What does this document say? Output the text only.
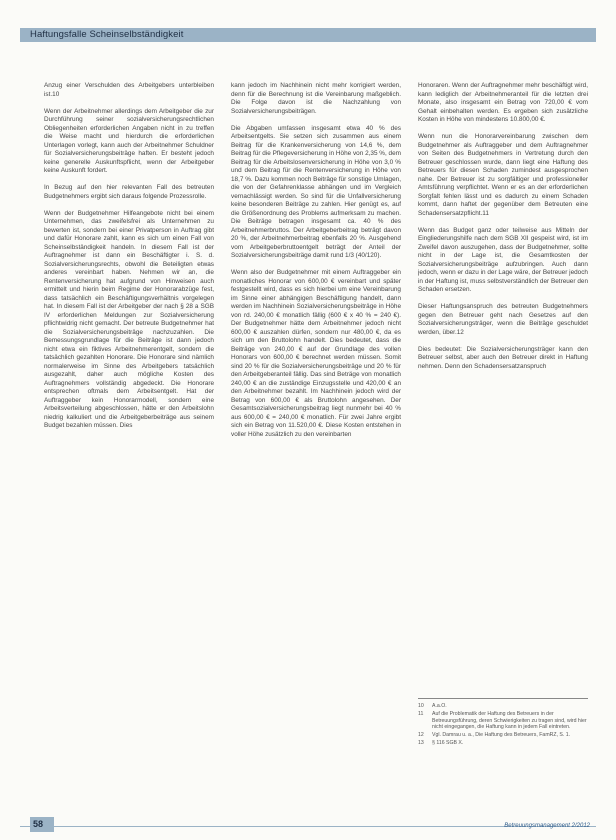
Haftungsfalle Scheinselbständigkeit

Anzug einer Verschulden des Arbeitgebers unterbleiben ist.10

Wenn der Arbeitnehmer allerdings dem Arbeitgeber die zur Durchführung seiner sozialversicherungsrechtlichen Obliegenheiten erforderlichen Angaben nicht in zu treffen die Weise macht und hierdurch die erforderlichen Unterlagen vorlegt, kann auch der Arbeitnehmer Schuldner für Sozialversicherungsbeiträge haften. Er besteht jedoch keine generelle Auskunftspflicht, wenn der Arbeitgeber keine Auskunft fordert.

In Bezug auf den hier relevanten Fall des betreuten Budgetnehmers ergibt sich daraus folgende Prozessrolle.

Wenn der Budgetnehmer Hilfeangebote nicht bei einem Unternehmen, das zweifelsfrei als Unternehmen zu bewerten ist, sondern bei einer Privatperson in Auftrag gibt und dafür Honorare zahlt, kann es sich um einen Fall von Scheinselbständigkeit handeln. In diesem Fall ist der Auftragnehmer ist dann ein Beschäftigter i. S. d. Sozialversicherungsrechts, obwohl die Beteiligten etwas anderes vereinbart haben. Nehmen wir an, die Rentenversicherung hat aufgrund von Hinweisen auch ermittelt und hierin beim Regime der Honorarabzüge fest, dass tatsächlich ein Beschäftigungsverhältnis vorgelegen hat. In diesem Fall ist der Arbeitgeber der nach § 28 a SGB IV erforderlichen Meldungen zur Sozialversicherung pflichtwidrig nicht gemacht. Der betreute Budgetnehmer hat die Sozialversicherungsbeiträge nachzuzahlen. Die Bemessungsgrundlage für die Beiträge ist dann jedoch nicht etwa ein fiktives Arbeitnehmerentgelt, sondern die tatsächlich gezahlten Honorare. Die Honorare sind nämlich normalerweise im Sinne des Arbeitgebers tatsächlich ausgezahlt, daher auch mögliche Kosten des Auftragnehmers vollständig abgedeckt. Die Honorare entsprechen oftmals dem Arbeitsentgelt. Hat der Auftraggeber kein Honorarmodell, sondern eine Arbeitsverteilung abgeschlossen, hätte er den Arbeitslohn niedrig kalkuliert und die Arbeitgeberbeiträge aus seinem Budget bezahlen müssen. Dies

kann jedoch im Nachhinein nicht mehr korrigiert werden, denn für die Berechnung ist die Vereinbarung maßgeblich. Die Folge davon ist die Nachzahlung von Sozialversicherungsbeiträgen.

Die Abgaben umfassen insgesamt etwa 40 % des Arbeitsentgelts. Sie setzen sich zusammen aus einem Beitrag für die Krankenversicherung von 14,6 %, dem Beitrag für die Pflegeversicherung in Höhe von 2,35 %, dem Beitrag für die Arbeitslosenversicherung in Höhe von 3,0 % und dem Beitrag für die Rentenversicherung in Höhe von 18,7 %. Dazu kommen noch Beiträge für sonstige Umlagen, die von der Gefahrenklasse abhängen und im Vergleich vernachlässigt werden. So sind für die Unfallversicherung keine besonderen Beiträge zu zahlen. Hier genügt es, auf die Größenordnung des Problems aufmerksam zu machen. Die Beiträge betragen insgesamt ca. 40 % des Arbeitnehmerbruttos. Der Arbeitgeberbeitrag beträgt davon 20 %, der Arbeitnehmerbeitrag ebenfalls 20 %. Ausgehend vom Arbeitgeberbruttoentgelt beträgt der Anteil der Sozialversicherungsbeiträge damit rund 1/3 (40/120).

Wenn also der Budgetnehmer mit einem Auftraggeber ein monatliches Honorar von 600,00 € vereinbart und später festgestellt wird, dass es sich hierbei um eine Vereinbarung im Sinne einer abhängigen Beschäftigung handelt, dann werden im Nachhinein Sozialversicherungsbeiträge in Höhe von rd. 240,00 € monatlich fällig (600 € x 40 % = 240 €). Der Budgetnehmer hätte dem Arbeitnehmer jedoch nicht 600,00 € auszahlen dürfen, sondern nur 480,00 €, da es sich um den Bruttolohn handelt. Dies bedeutet, dass die Beiträge von 240,00 € auf der Grundlage des vollen Honorars von 600,00 € berechnet werden müssen. Somit sind 20 % für die Sozialversicherungsbeiträge und 20 % für den Arbeitgeberanteil fällig. Das sind Beträge von monatlich 240,00 € an die zuständige Einzugsstelle und 420,00 € an den Arbeitnehmer bezahlt. Im Nachhinein jedoch wird der Betrag von 600,00 € als Bruttolohn angesehen. Der Gesamtsozialversicherungsbeitrag liegt nunmehr bei 40 % aus 600,00 € = 240,00 € monatlich. Für zwei Jahre ergibt sich ein Betrag von 11.520,00 €. Diese Kosten entstehen in voller Höhe zusätzlich zu den vereinbarten

Honoraren. Wenn der Auftragnehmer mehr beschäftigt wird, kann lediglich der Arbeitnehmeranteil für die letzten drei Monate, also insgesamt ein Betrag von 720,00 € vom Gehalt einbehalten werden. Es ergeben sich zusätzliche Kosten in Höhe von mindestens 10.800,00 €.

Wenn nun die Honorarvereinbarung zwischen dem Budgetnehmer als Auftraggeber und dem Auftragnehmer von Seiten des Budgetnehmers in Vertretung durch den Betreuer geschlossen wurde, dann liegt eine Haftung des Betreuers für diesen Schaden zumindest ausgesprochen nahe. Der Betreuer ist zu sorgfältiger und professioneller Amtsführung verpflichtet. Wenn er es an der erforderlichen Sorgfalt fehlen lässt und es dadurch zu einem Schaden kommt, dann haftet der gegenüber dem Betreuten eine Schadensersatzpflicht.11

Wenn das Budget ganz oder teilweise aus Mitteln der Eingliederungshilfe nach dem SGB XII gespeist wird, ist im Zweifel davon auszugehen, dass der Budgetnehmer, sollte nicht in der Lage ist, die Gesamtkosten der Sozialversicherungsbeiträge aufzubringen. Auch dann jedoch, wenn er dazu in der Lage wäre, der Betreuer jedoch in der Haftung ist, muss selbstverständlich der Betreuer den Schaden ersetzen.

Dieser Haftungsanspruch des betreuten Budgetnehmers gegen den Betreuer geht nach Gesetzes auf den Sozialversicherungsträger, wenn die Beiträge geschuldet werden, über.12

Dies bedeutet: Die Sozialversicherungsträger kann den Betreuer selbst, aber auch den Betreuer direkt in Haftung nehmen. Denn den Schadensersatzanspruch

10	A.a.O.
11	Auf die Problematik der Haftung des Betreuers in der Betreuungsführung, deren Schwierigkeiten zu tragen sind, wird hier nicht eingegangen, die Haftung kann in jedem Fall eintreten.
12	Vgl. Damrau u. a., Die Haftung des Betreuers, FamRZ, S. 1.
13	§ 116 SGB X.
58	Betreuungsmanagement 2/2012
